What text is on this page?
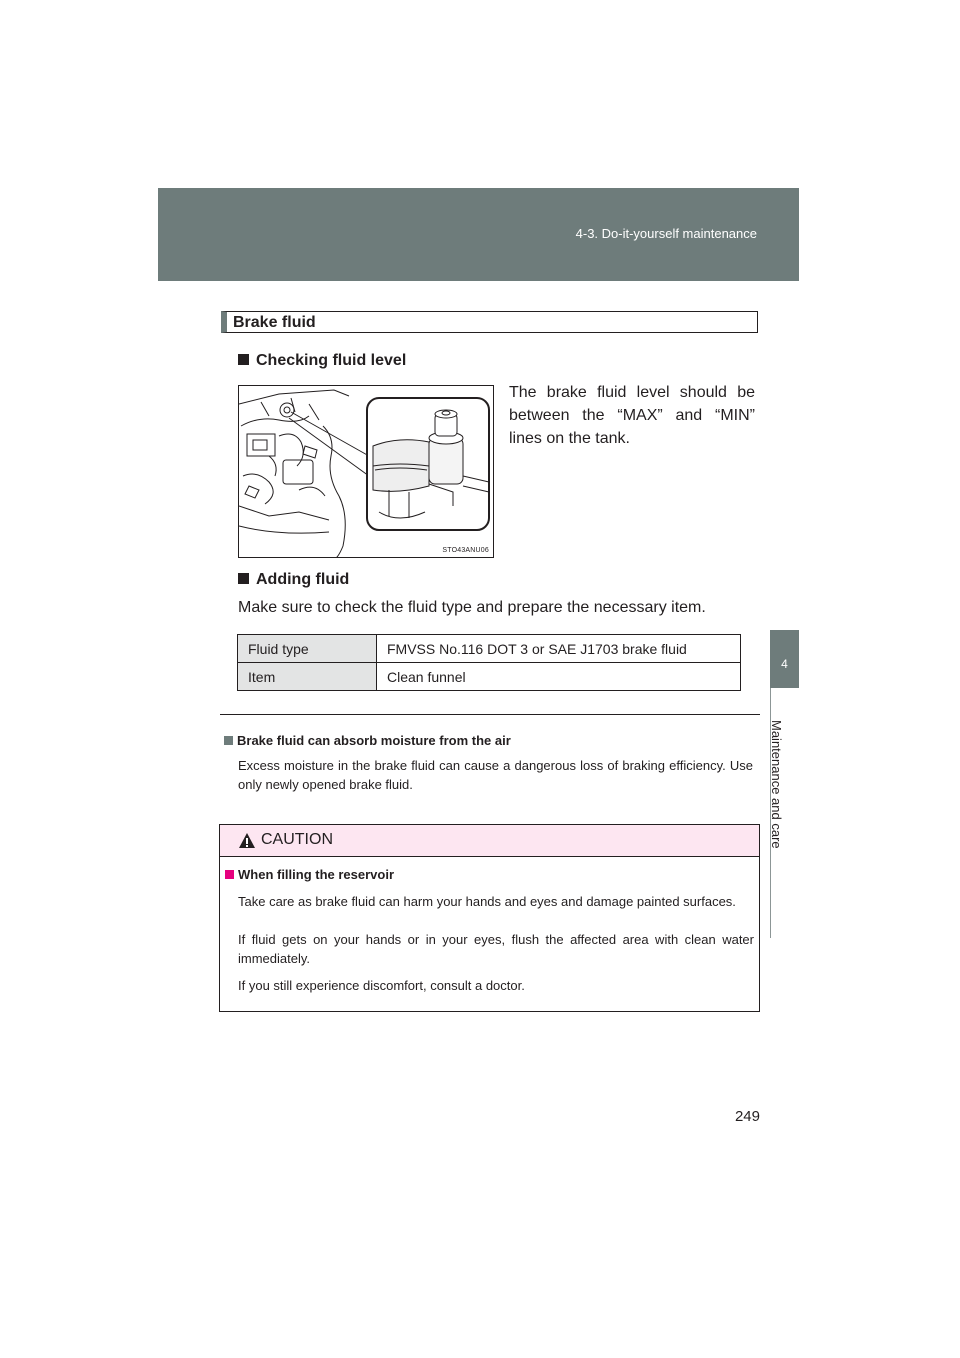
4-3. Do-it-yourself maintenance
4
Maintenance and care
Brake fluid
Checking fluid level
STO43ANU06
The brake fluid level should be between the “MAX” and “MIN” lines on the tank.
Adding fluid
Make sure to check the fluid type and prepare the necessary item.
Fluid type	FMVSS No.116 DOT 3 or SAE J1703 brake fluid
Item	Clean funnel
Brake fluid can absorb moisture from the air
Excess moisture in the brake fluid can cause a dangerous loss of braking efficiency. Use only newly opened brake fluid.
CAUTION
When filling the reservoir
Take care as brake fluid can harm your hands and eyes and damage painted surfaces.
If fluid gets on your hands or in your eyes, flush the affected area with clean water immediately.
If you still experience discomfort, consult a doctor.
249
